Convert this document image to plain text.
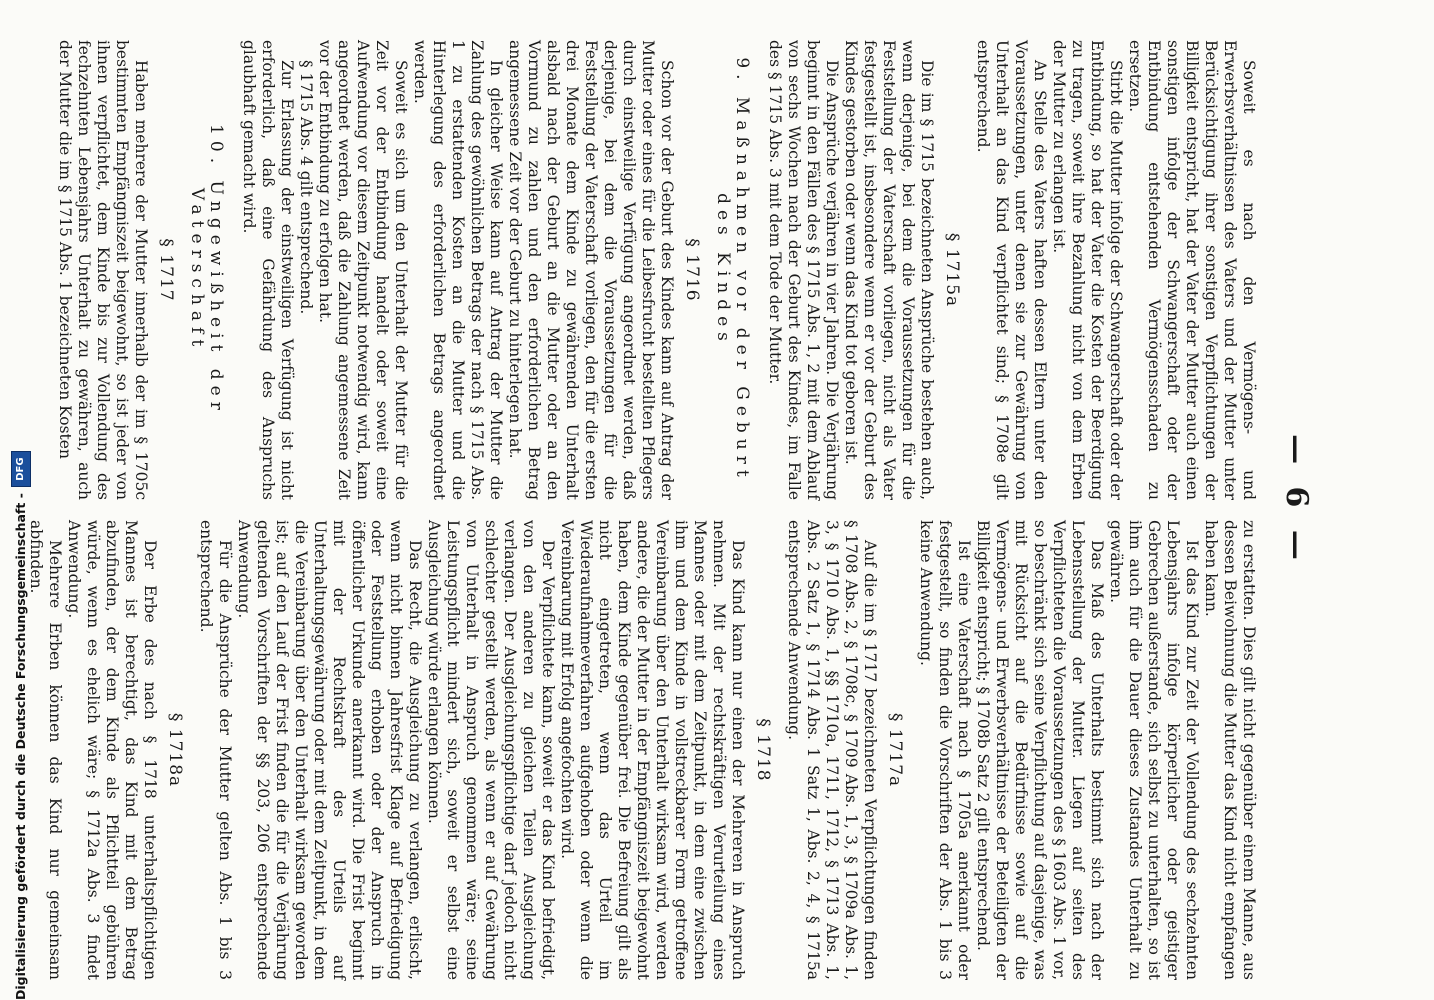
— 6 —

Soweit es nach den Vermögens- und Erwerbsverhältnissen des Vaters und der Mutter unter Berücksichtigung ihrer sonstigen Verpflichtungen der Billigkeit entspricht, hat der Vater der Mutter auch einen sonstigen infolge der Schwangerschaft oder der Entbindung entstehenden Vermögensschaden zu ersetzen.

Stirbt die Mutter infolge der Schwangerschaft oder der Entbindung, so hat der Vater die Kosten der Beerdigung zu tragen, soweit ihre Bezahlung nicht von dem Erben der Mutter zu erlangen ist.

An Stelle des Vaters haften dessen Eltern unter den Voraussetzungen, unter denen sie zur Gewährung von Unterhalt an das Kind verpflichtet sind; § 1708e gilt entsprechend.

§ 1715a

Die im § 1715 bezeichneten Ansprüche bestehen auch, wenn derjenige, bei dem die Voraussetzungen für die Feststellung der Vaterschaft vorliegen, nicht als Vater festgestellt ist, insbesondere wenn er vor der Geburt des Kindes gestorben oder wenn das Kind tot geboren ist.

Die Ansprüche verjähren in vier Jahren. Die Verjährung beginnt in den Fällen des § 1715 Abs. 1, 2 mit dem Ablauf von sechs Wochen nach der Geburt des Kindes, im Falle des § 1715 Abs. 3 mit dem Tode der Mutter.

9. Maßnahmen vor der Geburt des Kindes
§ 1716

Schon vor der Geburt des Kindes kann auf Antrag der Mutter oder eines für die Leibesfrucht bestellten Pflegers durch einstweilige Verfügung angeordnet werden, daß derjenige, bei dem die Voraussetzungen für die Feststellung der Vaterschaft vorliegen, den für die ersten drei Monate dem Kinde zu gewährenden Unterhalt alsbald nach der Geburt an die Mutter oder an den Vormund zu zahlen und den erforderlichen Betrag angemessene Zeit vor der Geburt zu hinterlegen hat.

In gleicher Weise kann auf Antrag der Mutter die Zahlung des gewöhnlichen Betrags der nach § 1715 Abs. 1 zu erstattenden Kosten an die Mutter und die Hinterlegung des erforderlichen Betrags angeordnet werden.

Soweit es sich um den Unterhalt der Mutter für die Zeit vor der Entbindung handelt oder soweit eine Aufwendung vor diesem Zeitpunkt notwendig wird, kann angeordnet werden, daß die Zahlung angemessene Zeit vor der Entbindung zu erfolgen hat.

§ 1715 Abs. 4 gilt entsprechend.

Zur Erlassung der einstweiligen Verfügung ist nicht erforderlich, daß eine Gefährdung des Anspruchs glaubhaft gemacht wird.

10. Ungewißheit der Vaterschaft
§ 1717

Haben mehrere der Mutter innerhalb der im § 1705c bestimmten Empfängniszeit beigewohnt, so ist jeder von ihnen verpflichtet, dem Kinde bis zur Vollendung des fechzehnten Lebensjahrs Unterhalt zu gewähren, auch der Mutter die im § 1715 Abs. 1 bezeichneten Kosten

zu erstatten. Dies gilt nicht gegenüber einem Manne, aus dessen Beiwohnung die Mutter das Kind nicht empfangen haben kann.

Ist das Kind zur Zeit der Vollendung des sechzehnten Lebensjahrs infolge körperlicher oder geistiger Gebrechen außerstande, sich selbst zu unterhalten, so ist ihm auch für die Dauer dieses Zustandes Unterhalt zu gewähren.

Das Maß des Unterhalts bestimmt sich nach der Lebensstellung der Mutter. Liegen auf seiten des Verpflichteten die Voraussetzungen des § 1603 Abs. 1 vor, so beschränkt sich seine Verpflichtung auf dasjenige, was mit Rücksicht auf die Bedürfnisse sowie auf die Vermögens- und Erwerbsverhältnisse der Beteiligten der Billigkeit entspricht; § 1708b Satz 2 gilt entsprechend.

Ist eine Vaterschaft nach § 1705a anerkannt oder festgestellt, so finden die Vorschriften der Abs. 1 bis 3 keine Anwendung.

§ 1717a

Auf die im § 1717 bezeichneten Verpflichtungen finden § 1708 Abs. 2, § 1708c, § 1709 Abs. 1, 3, § 1709a Abs. 1, 3, § 1710 Abs. 1, §§ 1710a, 1711, 1712, § 1713 Abs. 1, Abs. 2 Satz 1, § 1714 Abs. 1 Satz 1, Abs. 2, 4, § 1715a entsprechende Anwendung.

§ 1718

Das Kind kann nur einen der Mehreren in Anspruch nehmen. Mit der rechtskräftigen Verurteilung eines Mannes oder mit dem Zeitpunkt, in dem eine zwischen ihm und dem Kinde in vollstreckbarer Form getroffene Vereinbarung über den Unterhalt wirksam wird, werden andere, die der Mutter in der Empfängniszeit beigewohnt haben, dem Kinde gegenüber frei. Die Befreiung gilt als nicht eingetreten, wenn das Urteil im Wiederaufnahmeverfahren aufgehoben oder wenn die Vereinbarung mit Erfolg angefochten wird.

Der Verpflichtete kann, soweit er das Kind befriedigt, von den anderen zu gleichen Teilen Ausgleichung verlangen. Der Ausgleichungspflichtige darf jedoch nicht schlechter gestellt werden, als wenn er auf Gewährung von Unterhalt in Anspruch genommen wäre; seine Leistungspflicht mindert sich, soweit er selbst eine Ausgleichung würde erlangen können.

Das Recht, die Ausgleichung zu verlangen, erlischt, wenn nicht binnen Jahresfrist Klage auf Befriedigung oder Feststellung erhoben oder der Anspruch in öffentlicher Urkunde anerkannt wird. Die Frist beginnt mit der Rechtskraft des Urteils auf Unterhaltungsgewährung oder mit dem Zeitpunkt, in dem die Vereinbarung über den Unterhalt wirksam geworden ist; auf den Lauf der Frist finden die für die Verjährung geltenden Vorschriften der §§ 203, 206 entsprechende Anwendung.

Für die Ansprüche der Mutter gelten Abs. 1 bis 3 entsprechend.

§ 1718a

Der Erbe des nach § 1718 unterhaltspflichtigen Mannes ist berechtigt, das Kind mit dem Betrag abzufinden, der dem Kinde als Pflichtteil gebühren würde, wenn es ehelich wäre; § 1712a Abs. 3 findet Anwendung.

Mehrere Erben können das Kind nur gemeinsam abfinden.

Digitalisierung gefördert durch die Deutsche Forschungsgemeinschaft -
DFG
